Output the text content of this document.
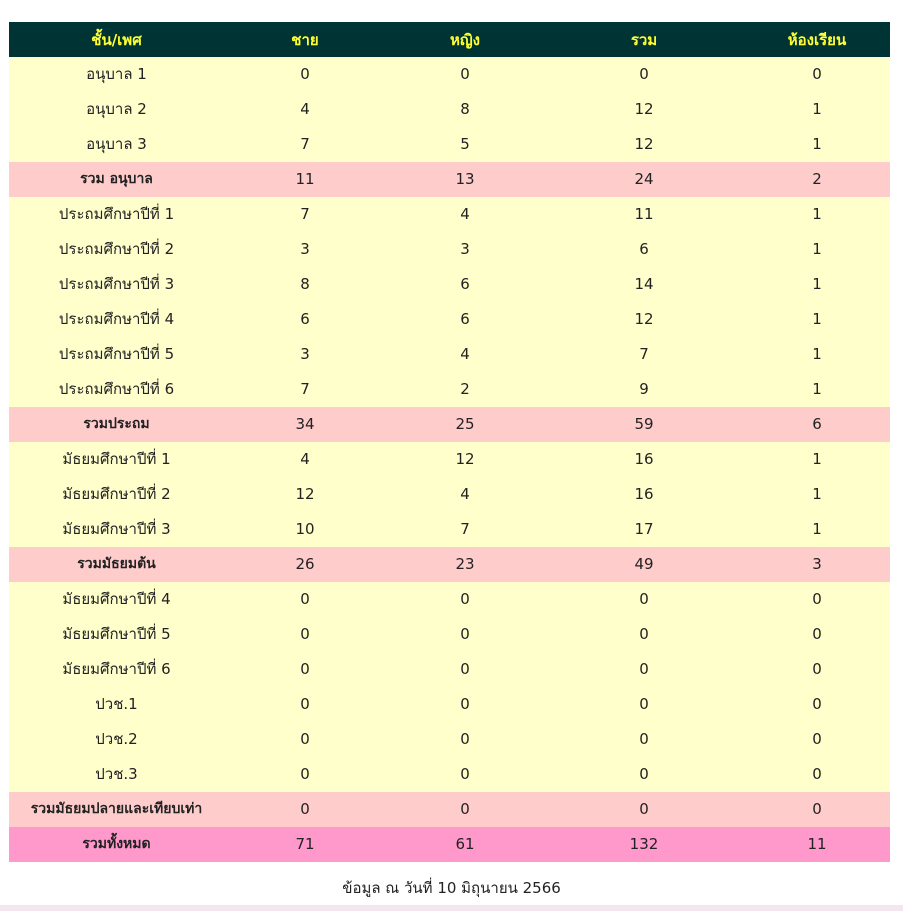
ชั้น/เพศ	ชาย	หญิง	รวม	ห้องเรียน
อนุบาล 1	0	0	0	0
อนุบาล 2	4	8	12	1
อนุบาล 3	7	5	12	1
รวม อนุบาล	11	13	24	2
ประถมศึกษาปีที่ 1	7	4	11	1
ประถมศึกษาปีที่ 2	3	3	6	1
ประถมศึกษาปีที่ 3	8	6	14	1
ประถมศึกษาปีที่ 4	6	6	12	1
ประถมศึกษาปีที่ 5	3	4	7	1
ประถมศึกษาปีที่ 6	7	2	9	1
รวมประถม	34	25	59	6
มัธยมศึกษาปีที่ 1	4	12	16	1
มัธยมศึกษาปีที่ 2	12	4	16	1
มัธยมศึกษาปีที่ 3	10	7	17	1
รวมมัธยมต้น	26	23	49	3
มัธยมศึกษาปีที่ 4	0	0	0	0
มัธยมศึกษาปีที่ 5	0	0	0	0
มัธยมศึกษาปีที่ 6	0	0	0	0
ปวช.1	0	0	0	0
ปวช.2	0	0	0	0
ปวช.3	0	0	0	0
รวมมัธยมปลายและเทียบเท่า	0	0	0	0
รวมทั้งหมด	71	61	132	11
ข้อมูล ณ วันที่ 10 มิถุนายน 2566
